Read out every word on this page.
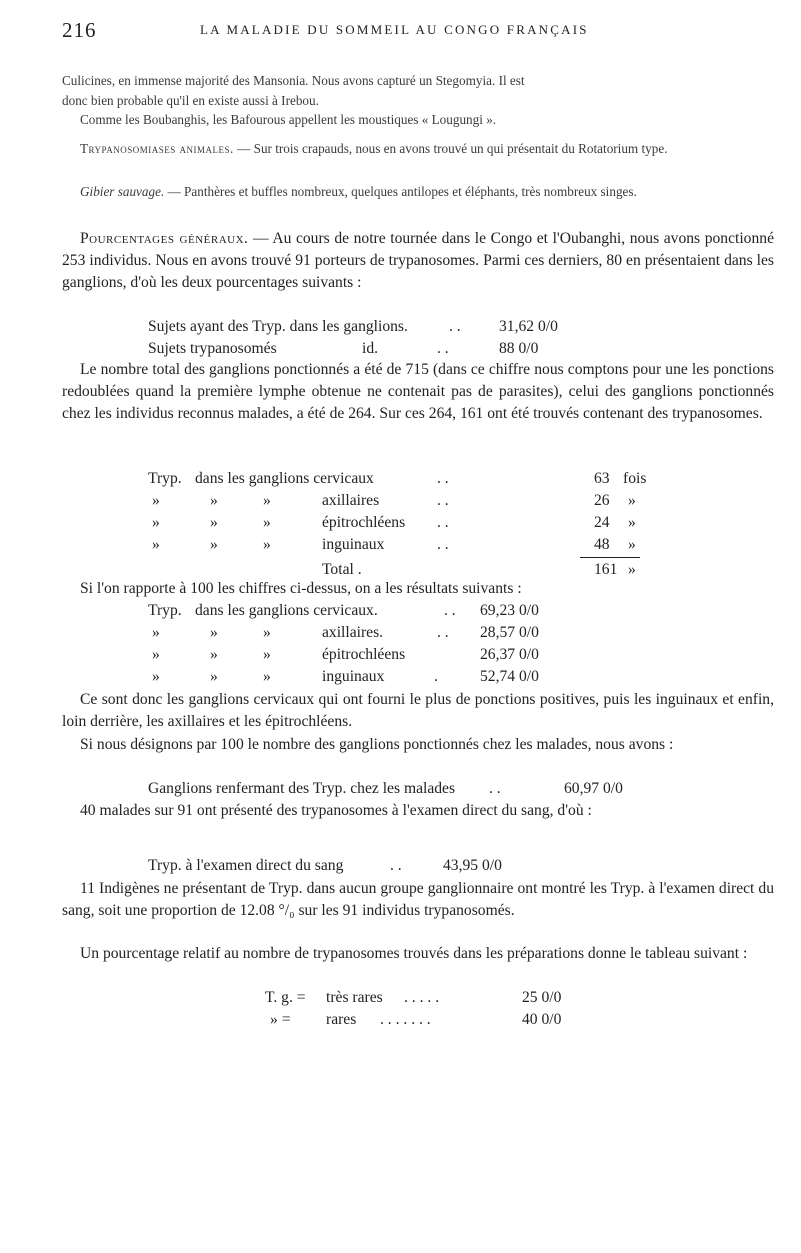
216	LA MALADIE DU SOMMEIL AU CONGO FRANÇAIS

Culicines, en immense majorité des Mansonia. Nous avons capturé un Stegomyia. Il est

donc bien probable qu'il en existe aussi à Irebou.

Comme les Boubanghis, les Bafourous appellent les moustiques « Lougungi ».

Trypanosomiases animales. — Sur trois crapauds, nous en avons trouvé un qui présentait du Rotatorium type.

Gibier sauvage. — Panthères et buffles nombreux, quelques antilopes et éléphants, très nombreux singes.

Pourcentages généraux. — Au cours de notre tournée dans le Congo et l'Oubanghi, nous avons ponctionné 253 individus. Nous en avons trouvé 91 porteurs de trypanosomes. Parmi ces derniers, 80 en présentaient dans les ganglions, d'où les deux pourcentages suivants :

Sujets ayant des Tryp. dans les ganglions.	. . 31,62 0/0
Sujets trypanosomés	id.	. .	88 0/0

Le nombre total des ganglions ponctionnés a été de 715 (dans ce chiffre nous comptons pour une les ponctions redoublées quand la première lymphe obtenue ne contenait pas de parasites), celui des ganglions ponctionnés chez les individus reconnus malades, a été de 264. Sur ces 264, 161 ont été trouvés contenant des trypanosomes.

Tryp. dans les ganglions cervicaux	. .	63 fois
»	»	»	axillaires	. .	26 »
»	»	»	épitrochléens . .	24 »
»	»	»	inguinaux	. .	48 »
Total .	161 »

Si l'on rapporte à 100 les chiffres ci-dessus, on a les résultats suivants :

Tryp. dans les ganglions cervicaux.	. . 69,23 0/0
»	»	»	axillaires.	. . 28,57 0/0
»	»	»	épitrochléens	26,37 0/0
»	»	»	inguinaux	.	52,74 0/0

Ce sont donc les ganglions cervicaux qui ont fourni le plus de ponctions positives, puis les inguinaux et enfin, loin derrière, les axillaires et les épitrochléens.

Si nous désignons par 100 le nombre des ganglions ponctionnés chez les malades, nous avons :

Ganglions renfermant des Tryp. chez les malades . .	60,97 0/0

40 malades sur 91 ont présenté des trypanosomes à l'examen direct du sang, d'où :

Tryp. à l'examen direct du sang	. .	43,95 0/0

11 Indigènes ne présentant de Tryp. dans aucun groupe ganglionnaire ont montré les Tryp. à l'examen direct du sang, soit une proportion de 12.08 °/₀ sur les 91 individus trypanosomés.

Un pourcentage relatif au nombre de trypanosomes trouvés dans les préparations donne le tableau suivant :

T. g. = très rares . . . . .	25 0/0
» = rares . . . . . . .	40 0/0
